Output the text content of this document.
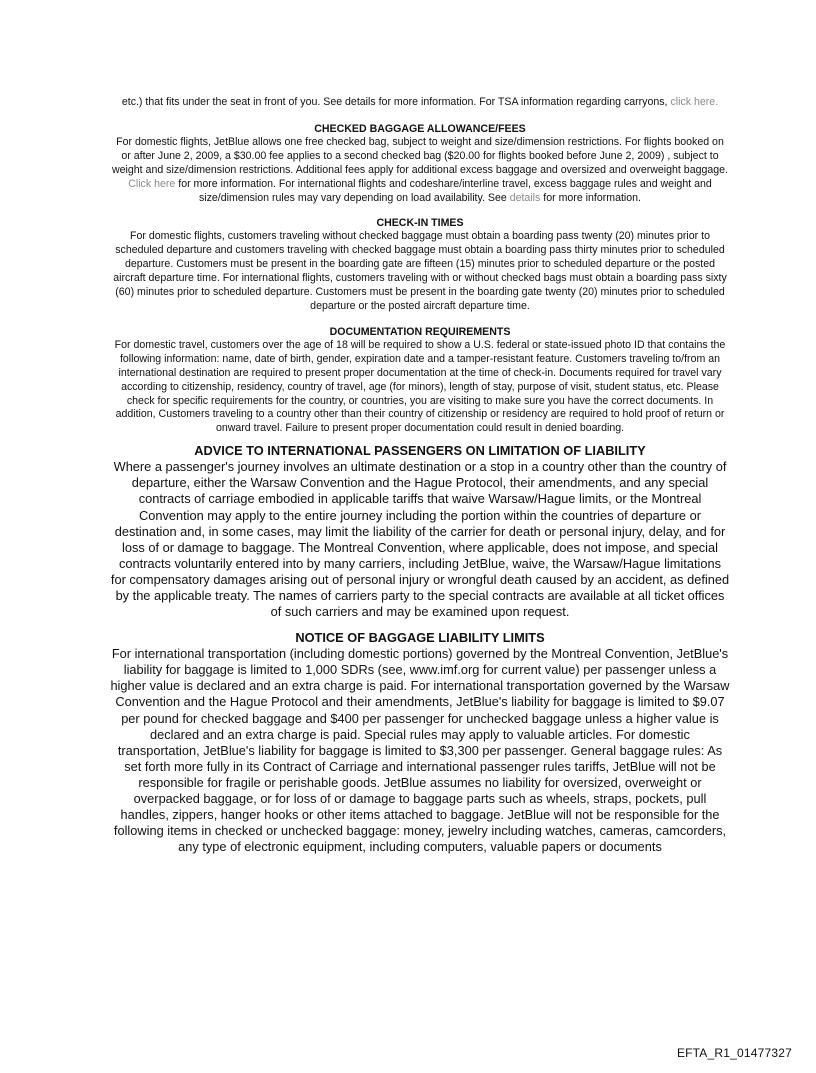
etc.) that fits under the seat in front of you. See details for more information. For TSA information regarding carryons, click here.

CHECKED BAGGAGE ALLOWANCE/FEES

For domestic flights, JetBlue allows one free checked bag, subject to weight and size/dimension restrictions. For flights booked on or after June 2, 2009, a $30.00 fee applies to a second checked bag ($20.00 for flights booked before June 2, 2009) , subject to weight and size/dimension restrictions. Additional fees apply for additional excess baggage and oversized and overweight baggage. Click here for more information. For international flights and codeshare/interline travel, excess baggage rules and weight and size/dimension rules may vary depending on load availability. See details for more information.

CHECK-IN TIMES

For domestic flights, customers traveling without checked baggage must obtain a boarding pass twenty (20) minutes prior to scheduled departure and customers traveling with checked baggage must obtain a boarding pass thirty minutes prior to scheduled departure. Customers must be present in the boarding gate are fifteen (15) minutes prior to scheduled departure or the posted aircraft departure time. For international flights, customers traveling with or without checked bags must obtain a boarding pass sixty (60) minutes prior to scheduled departure. Customers must be present in the boarding gate twenty (20) minutes prior to scheduled departure or the posted aircraft departure time.

DOCUMENTATION REQUIREMENTS

For domestic travel, customers over the age of 18 will be required to show a U.S. federal or state-issued photo ID that contains the following information: name, date of birth, gender, expiration date and a tamper-resistant feature. Customers traveling to/from an international destination are required to present proper documentation at the time of check-in. Documents required for travel vary according to citizenship, residency, country of travel, age (for minors), length of stay, purpose of visit, student status, etc. Please check for specific requirements for the country, or countries, you are visiting to make sure you have the correct documents. In addition, Customers traveling to a country other than their country of citizenship or residency are required to hold proof of return or onward travel. Failure to present proper documentation could result in denied boarding.

ADVICE TO INTERNATIONAL PASSENGERS ON LIMITATION OF LIABILITY

Where a passenger's journey involves an ultimate destination or a stop in a country other than the country of departure, either the Warsaw Convention and the Hague Protocol, their amendments, and any special contracts of carriage embodied in applicable tariffs that waive Warsaw/Hague limits, or the Montreal Convention may apply to the entire journey including the portion within the countries of departure or destination and, in some cases, may limit the liability of the carrier for death or personal injury, delay, and for loss of or damage to baggage. The Montreal Convention, where applicable, does not impose, and special contracts voluntarily entered into by many carriers, including JetBlue, waive, the Warsaw/Hague limitations for compensatory damages arising out of personal injury or wrongful death caused by an accident, as defined by the applicable treaty. The names of carriers party to the special contracts are available at all ticket offices of such carriers and may be examined upon request.

NOTICE OF BAGGAGE LIABILITY LIMITS

For international transportation (including domestic portions) governed by the Montreal Convention, JetBlue's liability for baggage is limited to 1,000 SDRs (see, www.imf.org for current value) per passenger unless a higher value is declared and an extra charge is paid. For international transportation governed by the Warsaw Convention and the Hague Protocol and their amendments, JetBlue's liability for baggage is limited to $9.07 per pound for checked baggage and $400 per passenger for unchecked baggage unless a higher value is declared and an extra charge is paid. Special rules may apply to valuable articles. For domestic transportation, JetBlue's liability for baggage is limited to $3,300 per passenger. General baggage rules: As set forth more fully in its Contract of Carriage and international passenger rules tariffs, JetBlue will not be responsible for fragile or perishable goods. JetBlue assumes no liability for oversized, overweight or overpacked baggage, or for loss of or damage to baggage parts such as wheels, straps, pockets, pull handles, zippers, hanger hooks or other items attached to baggage. JetBlue will not be responsible for the following items in checked or unchecked baggage: money, jewelry including watches, cameras, camcorders, any type of electronic equipment, including computers, valuable papers or documents

EFTA_R1_01477327
